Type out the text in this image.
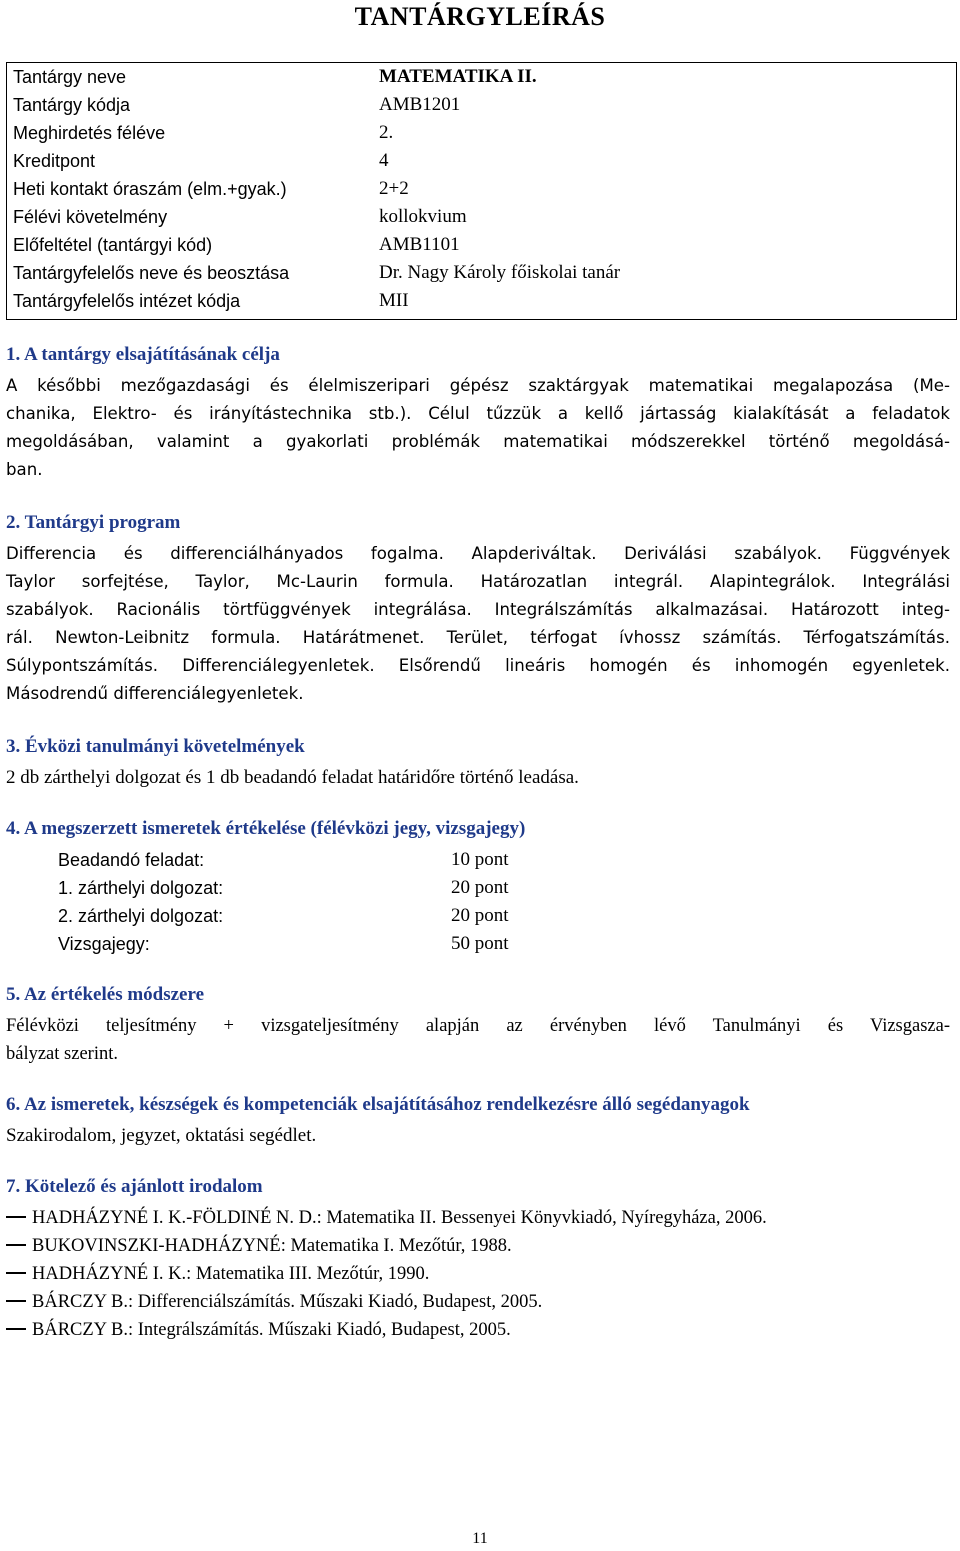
TANTÁRGYLEÍRÁS
Tantárgy neve	MATEMATIKA II.
Tantárgy kódja	AMB1201
Meghirdetés féléve	2.
Kreditpont	4
Heti kontakt óraszám (elm.+gyak.)	2+2
Félévi követelmény	kollokvium
Előfeltétel (tantárgyi kód)	AMB1101
Tantárgyfelelős neve és beosztása	Dr. Nagy Károly főiskolai tanár
Tantárgyfelelős intézet kódja	MII
1. A tantárgy elsajátításának célja
A későbbi mezőgazdasági és élelmiszeripari gépész szaktárgyak matematikai megalapozása (Me-
chanika, Elektro- és irányítástechnika stb.). Célul tűzzük a kellő jártasság kialakítását a feladatok
megoldásában, valamint a gyakorlati problémák matematikai módszerekkel történő megoldásá-
ban.
2. Tantárgyi program
Differencia és differenciálhányados fogalma. Alapderiváltak. Deriválási szabályok. Függvények
Taylor sorfejtése, Taylor, Mc-Laurin formula. Határozatlan integrál. Alapintegrálok. Integrálási
szabályok. Racionális törtfüggvények integrálása. Integrálszámítás alkalmazásai. Határozott integ-
rál. Newton-Leibnitz formula. Határátmenet. Terület, térfogat ívhossz számítás. Térfogatszámítás.
Súlypontszámítás. Differenciálegyenletek. Elsőrendű lineáris homogén és inhomogén egyenletek.
Másodrendű differenciálegyenletek.
3. Évközi tanulmányi követelmények
2 db zárthelyi dolgozat és 1 db beadandó feladat határidőre történő leadása.
4. A megszerzett ismeretek értékelése (félévközi jegy, vizsgajegy)
Beadandó feladat:	10 pont
1. zárthelyi dolgozat:	20 pont
2. zárthelyi dolgozat:	20 pont
Vizsgajegy:	50 pont
5. Az értékelés módszere
Félévközi teljesítmény + vizsgateljesítmény alapján az érvényben lévő Tanulmányi és Vizsgasza-
bályzat szerint.
6. Az ismeretek, készségek és kompetenciák elsajátításához rendelkezésre álló segédanyagok
Szakirodalom, jegyzet, oktatási segédlet.
7. Kötelező és ajánlott irodalom
HADHÁZYNÉ I. K.-FÖLDINÉ N. D.: Matematika II. Bessenyei Könyvkiadó, Nyíregyháza, 2006.
BUKOVINSZKI-HADHÁZYNÉ: Matematika I. Mezőtúr, 1988.
HADHÁZYNÉ I. K.: Matematika III. Mezőtúr, 1990.
BÁRCZY B.: Differenciálszámítás. Műszaki Kiadó, Budapest, 2005.
BÁRCZY B.: Integrálszámítás. Műszaki Kiadó, Budapest, 2005.
11
